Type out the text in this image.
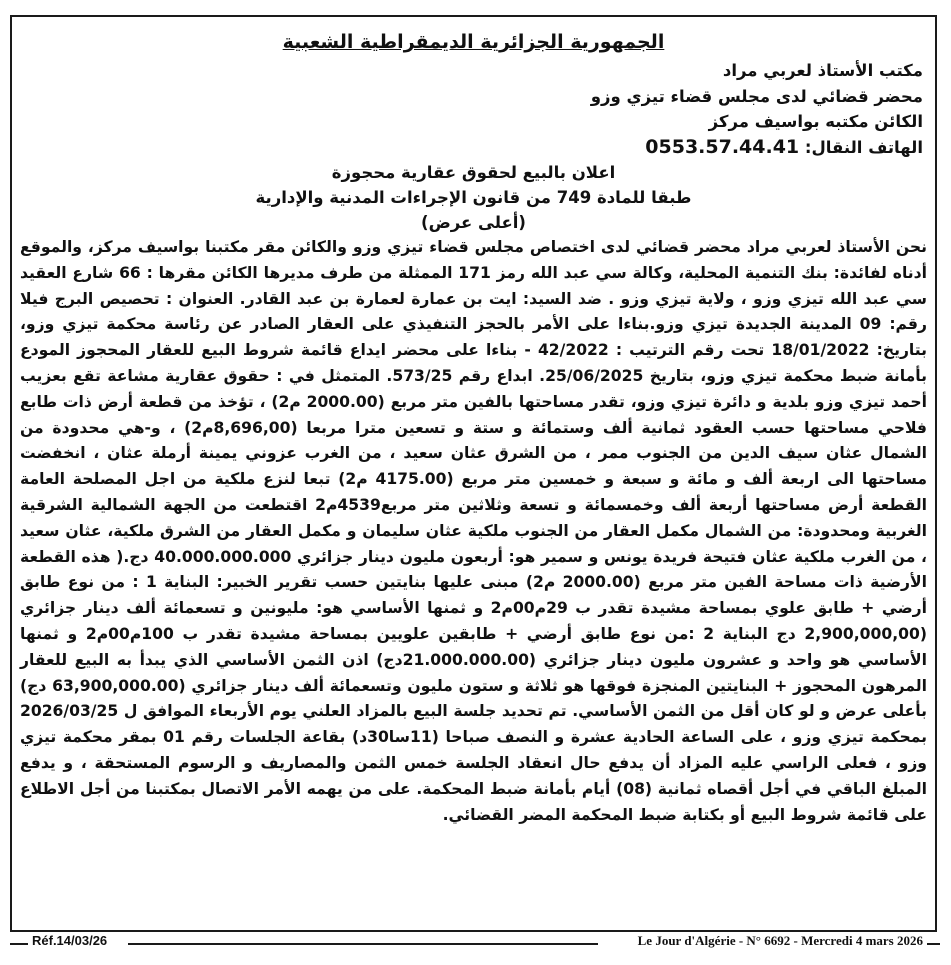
الجمهورية الجزائرية الديمقراطية الشعبية
مكتب الأستاذ لعربي مراد
محضر قضائي لدى مجلس قضاء تيزي وزو
الكائن مكتبه بواسيف مركز
الهاتف النقال: 0553.57.44.41
اعلان بالبيع لحقوق عقارية محجوزة
طبقا للمادة 749 من قانون الإجراءات المدنية والإدارية
(أعلى عرض)

نحن الأستاذ لعربي مراد محضر قضائي لدى اختصاص مجلس قضاء تيزي وزو والكائن مقر مكتبنا بواسيف مركز، والموقع أدناه لفائدة: بنك التنمية المحلية، وكالة سي عبد الله رمز 171 الممثلة من طرف مديرها الكائن مقرها : 66 شارع العقيد سي عبد الله تيزي وزو ، ولاية تيزي وزو . ضد السيد: ايت بن عمارة لعمارة بن عبد القادر. العنوان : تحصيص البرج فيلا رقم: 09 المدينة الجديدة تيزي وزو.بناءا على الأمر بالحجز التنفيذي على العقار الصادر عن رئاسة محكمة تيزي وزو، بتاريخ: 18/01/2022 تحت رقم الترتيب : 42/2022 - بناءا على محضر ايداع قائمة شروط البيع للعقار المحجوز المودع بأمانة ضبط محكمة تيزي وزو، بتاريخ 25/06/2025. ابداع رقم 573/25. المتمثل في : حقوق عقارية مشاعة تقع بعزيب أحمد تيزي وزو بلدية و دائرة تيزي وزو، تقدر مساحتها بالفين متر مربع (2000.00 م2) ، تؤخذ من قطعة أرض ذات طابع فلاحي مساحتها حسب العقود ثمانية ألف وستمائة و ستة و تسعين مترا مربعا (8,696,00م2) ، و-هي محدودة من الشمال عثان سيف الدين من الجنوب ممر ، من الشرق عثان سعيد ، من الغرب عزوني يمينة أرملة عثان ، انخفضت مساحتها الى اربعة ألف و مائة و سبعة و خمسين متر مربع (4175.00 م2) تبعا لنزع ملكية من اجل المصلحة العامة القطعة أرض مساحتها أربعة ألف وخمسمائة و تسعة وثلاثين متر مربع4539م2 اقتطعت من الجهة الشمالية الشرقية الغربية ومحدودة: من الشمال مكمل العقار من الجنوب ملكية عثان سليمان و مكمل العقار من الشرق ملكية، عثان سعيد ، من الغرب ملكية عثان فتيحة فريدة يونس و سمير هو: أربعون مليون دينار جزائري 40.000.000.000 دج.( هذه القطعة الأرضية ذات مساحة الفين متر مربع (2000.00 م2) مبنى عليها بنايتين حسب تقرير الخبير: البناية 1 : من نوع طابق أرضي + طابق علوي بمساحة مشيدة تقدر ب 29م00م2 و ثمنها الأساسي هو: مليونين و تسعمائة ألف دينار جزائري (2,900,000,00 دج البناية 2 :من نوع طابق أرضي + طابقين علويين بمساحة مشيدة تقدر ب 100م00م2 و ثمنها الأساسي هو واحد و عشرون مليون دينار جزائري (21.000.000.00دج) اذن الثمن الأساسي الذي يبدأ به البيع للعقار المرهون المحجوز + البنايتين المنجزة فوقها هو ثلاثة و ستون مليون وتسعمائة ألف دينار جزائري (63,900,000.00 دج) بأعلى عرض و لو كان أقل من الثمن الأساسي. تم تحديد جلسة البيع بالمزاد العلني يوم الأربعاء الموافق ل 2026/03/25 بمحكمة تيزي وزو ، على الساعة الحادية عشرة و النصف صباحا (11سا30د) بقاعة الجلسات رقم 01 بمقر محكمة تيزي وزو ، فعلى الراسي عليه المزاد أن يدفع حال انعقاد الجلسة خمس الثمن والمصاريف و الرسوم المستحقة ، و يدفع المبلغ الباقي في أجل أقصاه ثمانية (08) أيام بأمانة ضبط المحكمة. على من يهمه الأمر الاتصال بمكتبنا من أجل الاطلاع على قائمة شروط البيع أو بكتابة ضبط المحكمة المضر القضائي.

Réf.14/03/26	Le Jour d'Algérie - N° 6692 - Mercredi 4 mars 2026
